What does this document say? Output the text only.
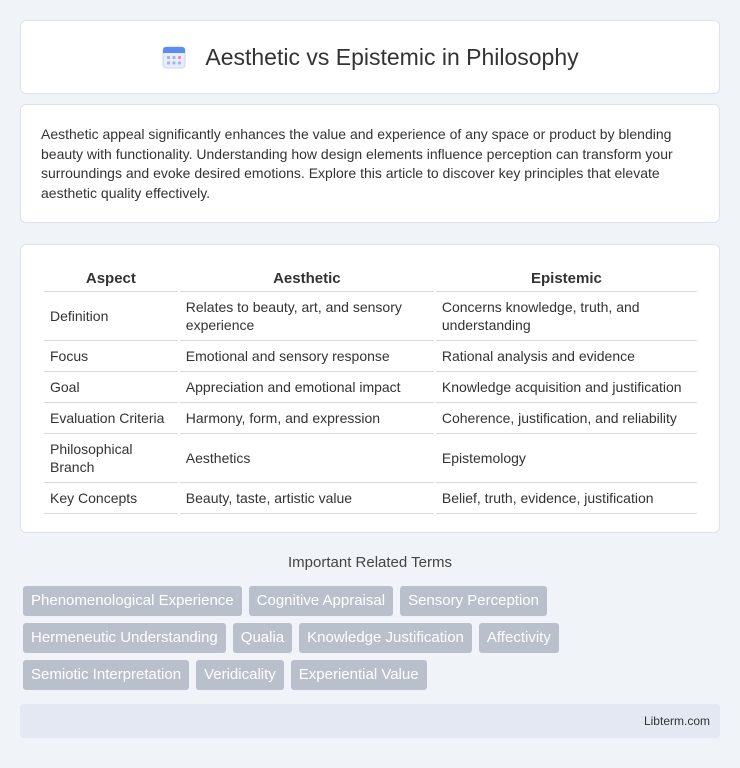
Aesthetic vs Epistemic in Philosophy

Aesthetic appeal significantly enhances the value and experience of any space or product by blending beauty with functionality. Understanding how design elements influence perception can transform your surroundings and evoke desired emotions. Explore this article to discover key principles that elevate aesthetic quality effectively.

Aspect	Aesthetic	Epistemic
Definition	Relates to beauty, art, and sensory experience	Concerns knowledge, truth, and understanding
Focus	Emotional and sensory response	Rational analysis and evidence
Goal	Appreciation and emotional impact	Knowledge acquisition and justification
Evaluation Criteria	Harmony, form, and expression	Coherence, justification, and reliability
Philosophical Branch	Aesthetics	Epistemology
Key Concepts	Beauty, taste, artistic value	Belief, truth, evidence, justification
Important Related Terms
Phenomenological Experience	Cognitive Appraisal	Sensory Perception
Hermeneutic Understanding	Qualia	Knowledge Justification	Affectivity
Semiotic Interpretation	Veridicality	Experiential Value
Libterm.com
